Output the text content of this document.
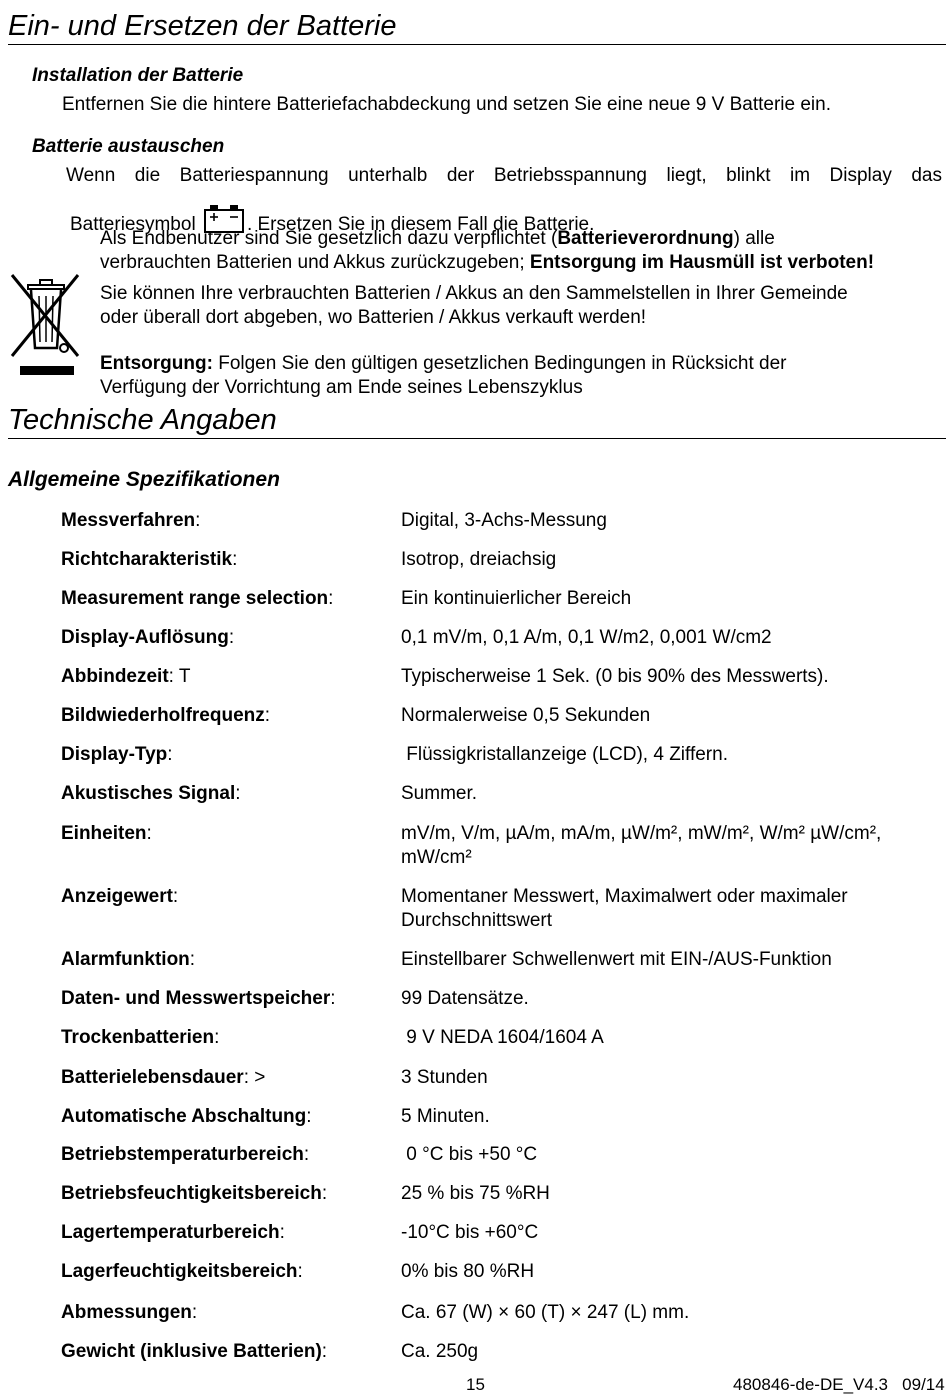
Ein- und Ersetzen der Batterie
Installation der Batterie
Entfernen Sie die hintere Batteriefachabdeckung und setzen Sie eine neue 9 V Batterie ein.
Batterie austauschen
Wenn die Batteriespannung unterhalb der Betriebsspannung liegt, blinkt im Display das
Batteriesymbol	. Ersetzen Sie in diesem Fall die Batterie.
Als Endbenutzer sind Sie gesetzlich dazu verpflichtet (Batterieverordnung) alle
verbrauchten Batterien und Akkus zurückzugeben; Entsorgung im Hausmüll ist verboten!
Sie können Ihre verbrauchten Batterien / Akkus an den Sammelstellen in Ihrer Gemeinde
oder überall dort abgeben, wo Batterien / Akkus verkauft werden!
Entsorgung: Folgen Sie den gültigen gesetzlichen Bedingungen in Rücksicht der
Verfügung der Vorrichtung am Ende seines Lebenszyklus
Technische Angaben
Allgemeine Spezifikationen
Messverfahren:	Digital, 3-Achs-Messung
Richtcharakteristik:	Isotrop, dreiachsig
Measurement range selection:	Ein kontinuierlicher Bereich
Display-Auflösung:	0,1 mV/m, 0,1 A/m, 0,1 W/m2, 0,001 W/cm2
Abbindezeit: T	Typischerweise 1 Sek. (0 bis 90% des Messwerts).
Bildwiederholfrequenz:	Normalerweise 0,5 Sekunden
Display-Typ:	Flüssigkristallanzeige (LCD), 4 Ziffern.
Akustisches Signal:	Summer.
Einheiten:	mV/m, V/m, µA/m, mA/m, µW/m², mW/m², W/m² µW/cm², mW/cm²
Anzeigewert:	Momentaner Messwert, Maximalwert oder maximaler Durchschnittswert
Alarmfunktion:	Einstellbarer Schwellenwert mit EIN-/AUS-Funktion
Daten- und Messwertspeicher:	99 Datensätze.
Trockenbatterien:	9 V NEDA 1604/1604 A
Batterielebensdauer: >	3 Stunden
Automatische Abschaltung:	5 Minuten.
Betriebstemperaturbereich:	0 °C bis +50 °C
Betriebsfeuchtigkeitsbereich:	25 % bis 75 %RH
Lagertemperaturbereich:	-10°C bis +60°C
Lagerfeuchtigkeitsbereich:	0% bis 80 %RH
Abmessungen:	Ca. 67 (W) × 60 (T) × 247 (L) mm.
Gewicht (inklusive Batterien):	Ca. 250g
15	480846-de-DE_V4.3   09/14
